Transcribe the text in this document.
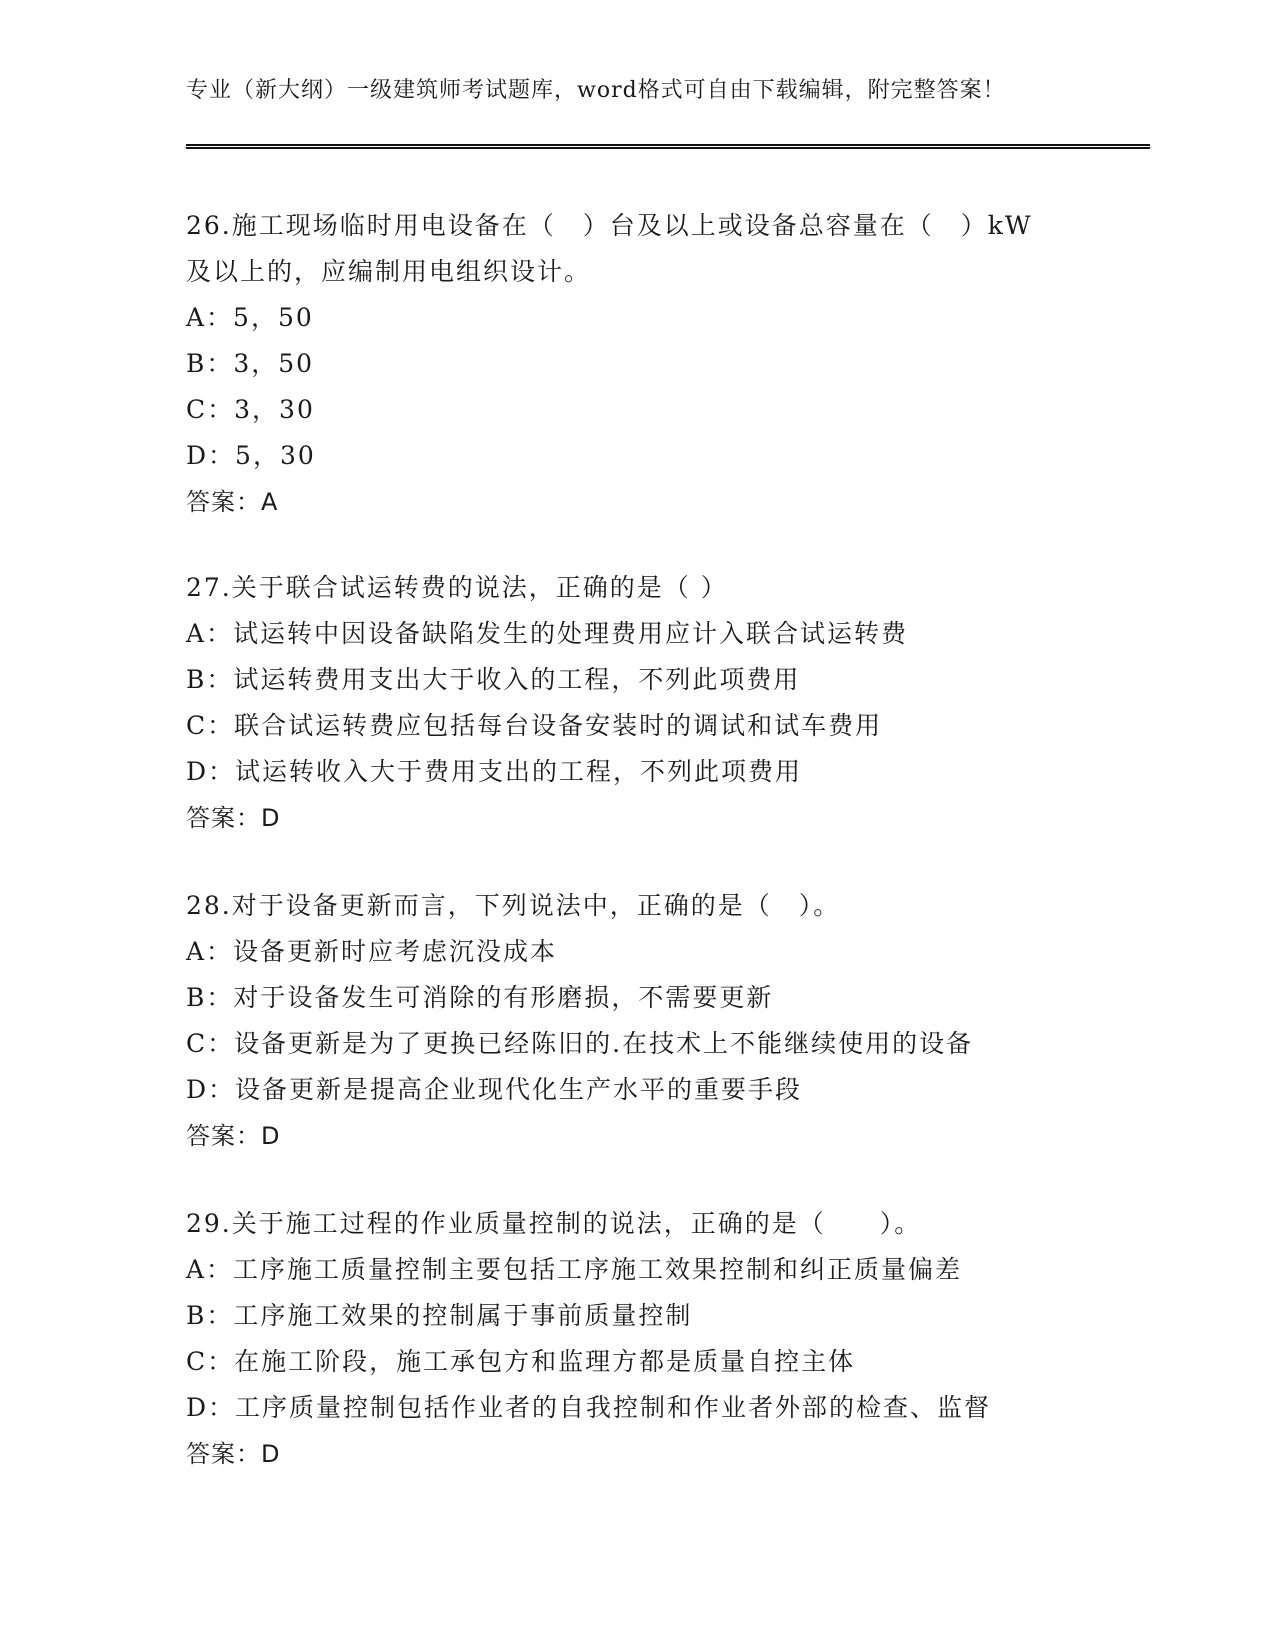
专业（新大纲）一级建筑师考试题库，word格式可自由下载编辑，附完整答案！

26.施工现场临时用电设备在（　）台及以上或设备总容量在（　）kW

及以上的，应编制用电组织设计。

A：5，50

B：3，50

C：3，30

D：5，30

答案：A

27.关于联合试运转费的说法，正确的是（ ）

A：试运转中因设备缺陷发生的处理费用应计入联合试运转费

B：试运转费用支出大于收入的工程，不列此项费用

C：联合试运转费应包括每台设备安装时的调试和试车费用

D：试运转收入大于费用支出的工程，不列此项费用

答案：D

28.对于设备更新而言，下列说法中，正确的是（　）。

A：设备更新时应考虑沉没成本

B：对于设备发生可消除的有形磨损，不需要更新

C：设备更新是为了更换已经陈旧的.在技术上不能继续使用的设备

D：设备更新是提高企业现代化生产水平的重要手段

答案：D

29.关于施工过程的作业质量控制的说法，正确的是（　　）。

A：工序施工质量控制主要包括工序施工效果控制和纠正质量偏差

B：工序施工效果的控制属于事前质量控制

C：在施工阶段，施工承包方和监理方都是质量自控主体

D：工序质量控制包括作业者的自我控制和作业者外部的检查、监督

答案：D
